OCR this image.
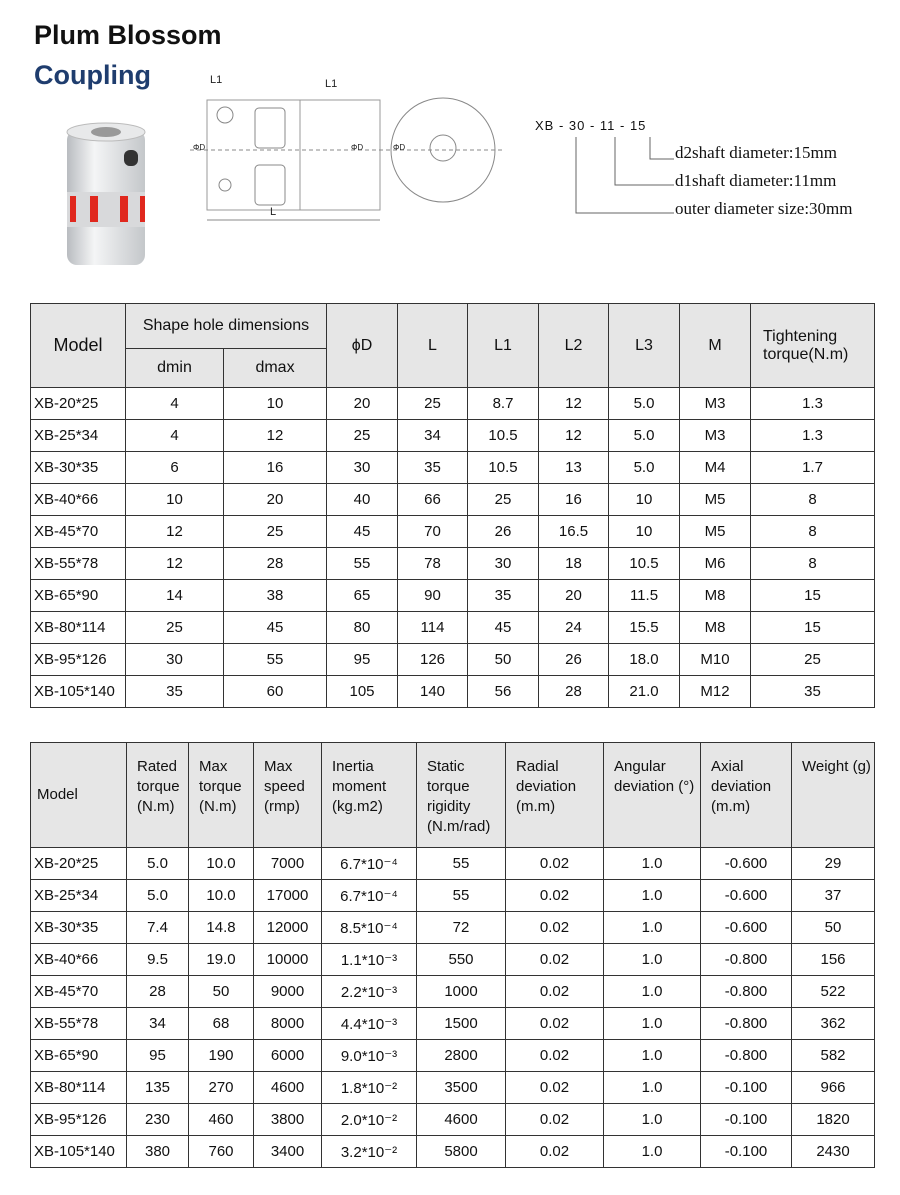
Plum Blossom
Coupling	L1	L1
L
ΦD	ΦD	ΦD
XB - 30 - 11 - 15
d2shaft diameter:15mm
d1shaft diameter:11mm
outer diameter size:30mm
Model	Shape hole dimensions		ϕD	L	L1	L2	L3	M	Tightening torque(N.m)
	dmin	dmax							
XB-20*25	4	10	20	25	8.7	12	5.0	M3	1.3
XB-25*34	4	12	25	34	10.5	12	5.0	M3	1.3
XB-30*35	6	16	30	35	10.5	13	5.0	M4	1.7
XB-40*66	10	20	40	66	25	16	10	M5	8
XB-45*70	12	25	45	70	26	16.5	10	M5	8
XB-55*78	12	28	55	78	30	18	10.5	M6	8
XB-65*90	14	38	65	90	35	20	11.5	M8	15
XB-80*114	25	45	80	114	45	24	15.5	M8	15
XB-95*126	30	55	95	126	50	26	18.0	M10	25
XB-105*140	35	60	105	140	56	28	21.0	M12	35
Model	Rated torque (N.m)	Max torque (N.m)	Max speed (rmp)	Inertia moment (kg.m2)	Static torque rigidity (N.m/rad)	Radial deviation (m.m)	Angular deviation (°)	Axial deviation (m.m)	Weight (g)
XB-20*25	5.0	10.0	7000	6.7*10⁻⁴	55	0.02	1.0	-0.600	29
XB-25*34	5.0	10.0	17000	6.7*10⁻⁴	55	0.02	1.0	-0.600	37
XB-30*35	7.4	14.8	12000	8.5*10⁻⁴	72	0.02	1.0	-0.600	50
XB-40*66	9.5	19.0	10000	1.1*10⁻³	550	0.02	1.0	-0.800	156
XB-45*70	28	50	9000	2.2*10⁻³	1000	0.02	1.0	-0.800	522
XB-55*78	34	68	8000	4.4*10⁻³	1500	0.02	1.0	-0.800	362
XB-65*90	95	190	6000	9.0*10⁻³	2800	0.02	1.0	-0.800	582
XB-80*114	135	270	4600	1.8*10⁻²	3500	0.02	1.0	-0.100	966
XB-95*126	230	460	3800	2.0*10⁻²	4600	0.02	1.0	-0.100	1820
XB-105*140	380	760	3400	3.2*10⁻²	5800	0.02	1.0	-0.100	2430
